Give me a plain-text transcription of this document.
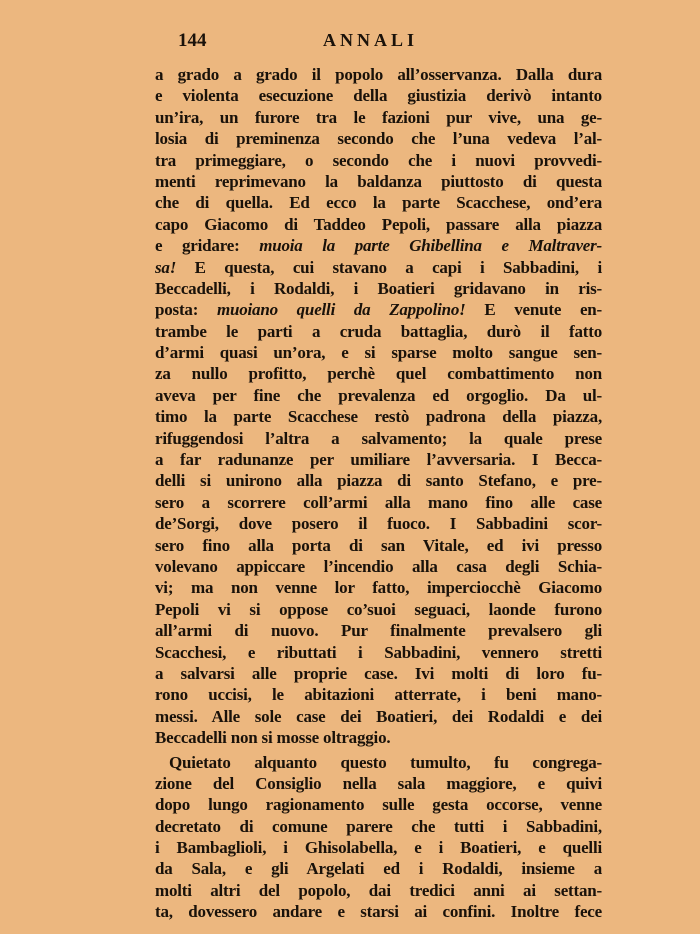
144	ANNALI
a grado a grado il popolo all’osservanza. Dalla dura
e violenta esecuzione della giustizia derivò intanto
un’ira, un furore tra le fazioni pur vive, una ge-
losia di preminenza secondo che l’una vedeva l’al-
tra primeggiare, o secondo che i nuovi provvedi-
menti reprimevano la baldanza piuttosto di questa
che di quella. Ed ecco la parte Scacchese, ond’era
capo Giacomo di Taddeo Pepoli, passare alla piazza
e gridare: muoia la parte Ghibellina e Maltraver-
sa! E questa, cui stavano a capi i Sabbadini, i
Beccadelli, i Rodaldi, i Boatieri gridavano in ris-
posta: muoiano quelli da Zappolino! E venute en-
trambe le parti a cruda battaglia, durò il fatto
d’armi quasi un’ora, e si sparse molto sangue sen-
za nullo profitto, perchè quel combattimento non
aveva per fine che prevalenza ed orgoglio. Da ul-
timo la parte Scacchese restò padrona della piazza,
rifuggendosi l’altra a salvamento; la quale prese
a far radunanze per umiliare l’avversaria. I Becca-
delli si unirono alla piazza di santo Stefano, e pre-
sero a scorrere coll’armi alla mano fino alle case
de’Sorgi, dove posero il fuoco. I Sabbadini scor-
sero fino alla porta di san Vitale, ed ivi presso
volevano appiccare l’incendio alla casa degli Schia-
vi; ma non venne lor fatto, imperciocchè Giacomo
Pepoli vi si oppose co’suoi seguaci, laonde furono
all’armi di nuovo. Pur finalmente prevalsero gli
Scacchesi, e ributtati i Sabbadini, vennero stretti
a salvarsi alle proprie case. Ivi molti di loro fu-
rono uccisi, le abitazioni atterrate, i beni mano-
messi. Alle sole case dei Boatieri, dei Rodaldi e dei
Beccadelli non si mosse oltraggio.
Quietato alquanto questo tumulto, fu congrega-
zione del Consiglio nella sala maggiore, e quivi
dopo lungo ragionamento sulle gesta occorse, venne
decretato di comune parere che tutti i Sabbadini,
i Bambaglioli, i Ghisolabella, e i Boatieri, e quelli
da Sala, e gli Argelati ed i Rodaldi, insieme a
molti altri del popolo, dai tredici anni ai settan-
ta, dovessero andare e starsi ai confini. Inoltre fece
